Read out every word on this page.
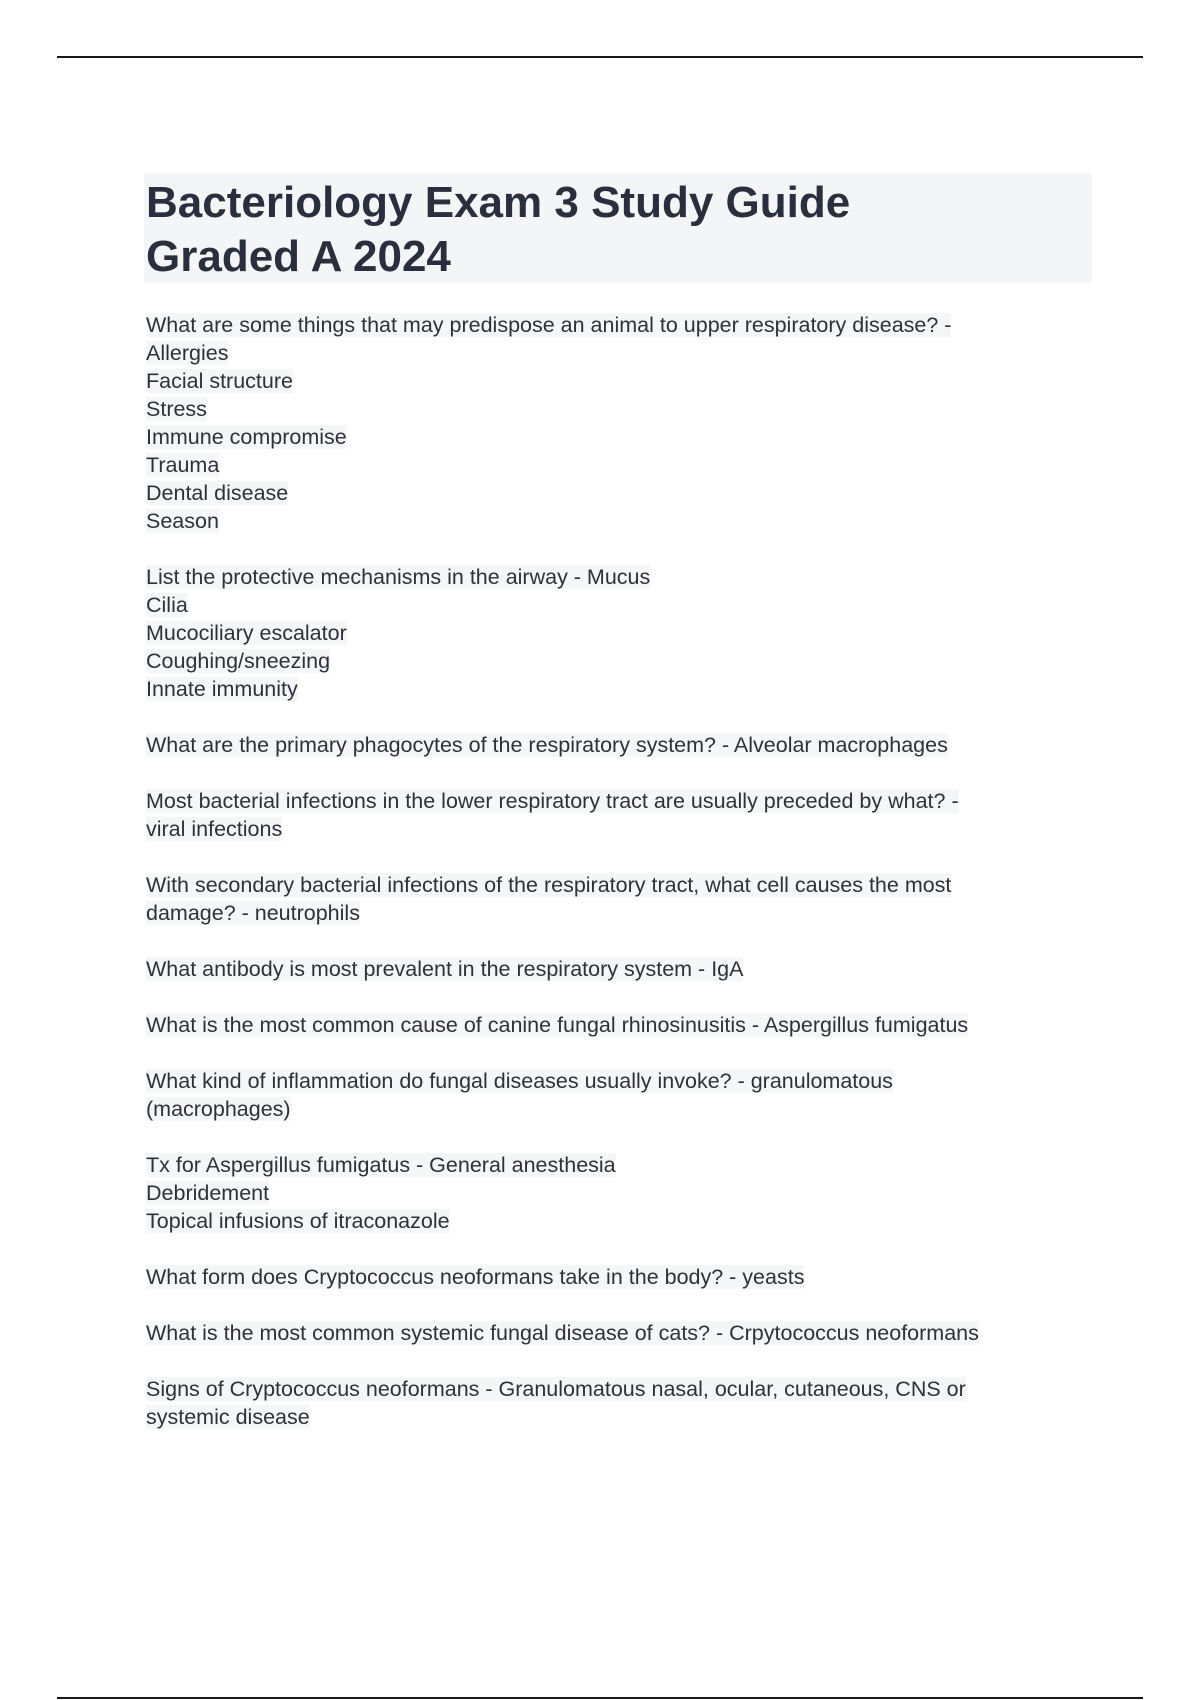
Bacteriology Exam 3 Study Guide
Graded A 2024
What are some things that may predispose an animal to upper respiratory disease? -
Allergies
Facial structure
Stress
Immune compromise
Trauma
Dental disease
Season
List the protective mechanisms in the airway - Mucus
Cilia
Mucociliary escalator
Coughing/sneezing
Innate immunity
What are the primary phagocytes of the respiratory system? - Alveolar macrophages
Most bacterial infections in the lower respiratory tract are usually preceded by what? -
viral infections
With secondary bacterial infections of the respiratory tract, what cell causes the most
damage? - neutrophils
What antibody is most prevalent in the respiratory system - IgA
What is the most common cause of canine fungal rhinosinusitis - Aspergillus fumigatus
What kind of inflammation do fungal diseases usually invoke? - granulomatous
(macrophages)
Tx for Aspergillus fumigatus - General anesthesia
Debridement
Topical infusions of itraconazole
What form does Cryptococcus neoformans take in the body? - yeasts
What is the most common systemic fungal disease of cats? - Crpytococcus neoformans
Signs of Cryptococcus neoformans - Granulomatous nasal, ocular, cutaneous, CNS or
systemic disease
